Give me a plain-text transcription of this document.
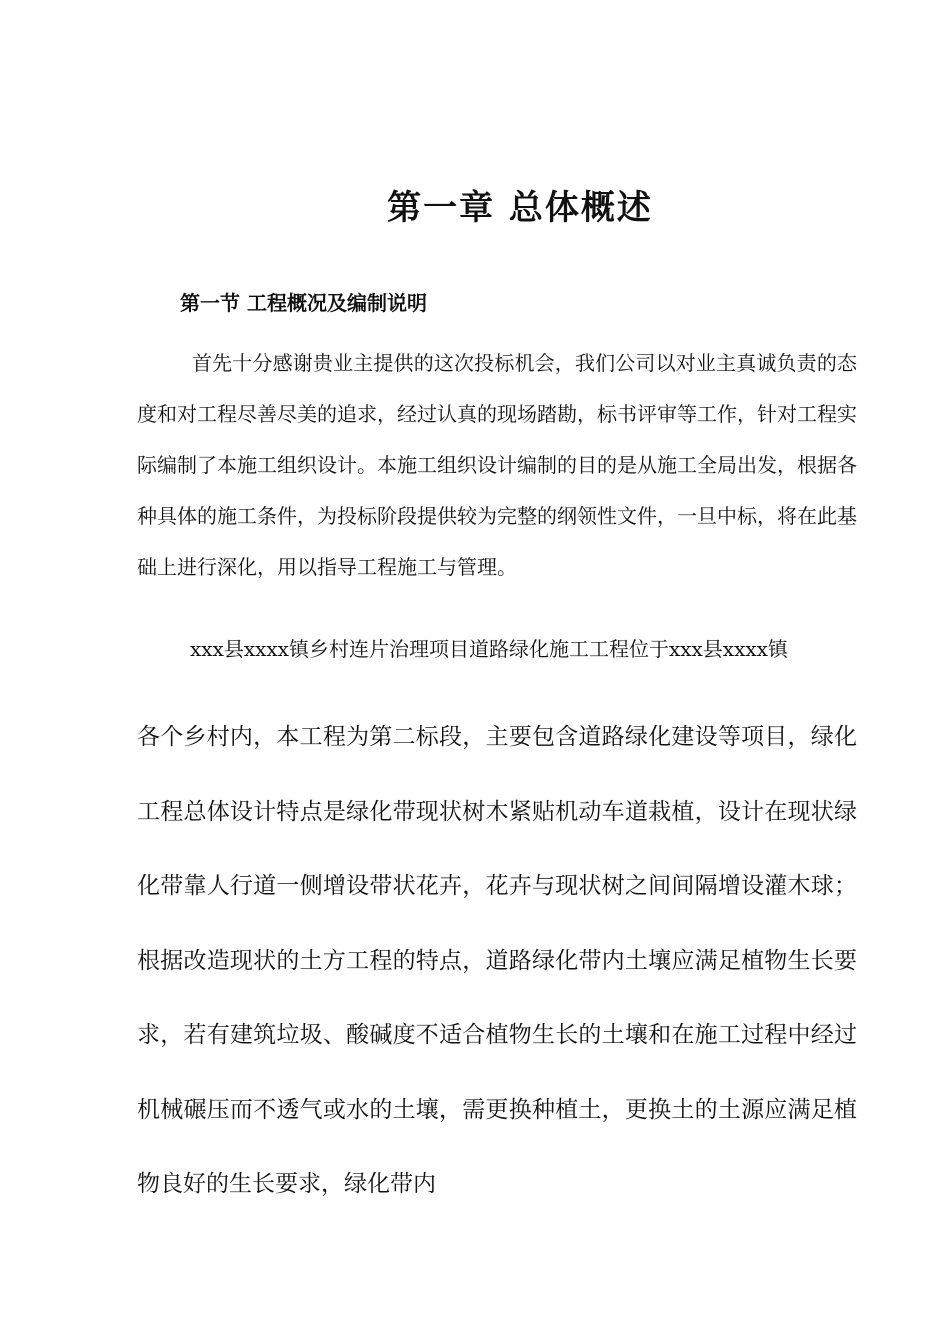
第一章 总体概述
第一节 工程概况及编制说明

首先十分感谢贵业主提供的这次投标机会，我们公司以对业主真诚负责的态度和对工程尽善尽美的追求，经过认真的现场踏勘，标书评审等工作，针对工程实际编制了本施工组织设计。本施工组织设计编制的目的是从施工全局出发，根据各种具体的施工条件，为投标阶段提供较为完整的纲领性文件，一旦中标，将在此基础上进行深化，用以指导工程施工与管理。

xxx县xxxx镇乡村连片治理项目道路绿化施工工程位于xxx县xxxx镇

各个乡村内，本工程为第二标段，主要包含道路绿化建设等项目，绿化工程总体设计特点是绿化带现状树木紧贴机动车道栽植，设计在现状绿化带靠人行道一侧增设带状花卉，花卉与现状树之间间隔增设灌木球；根据改造现状的土方工程的特点，道路绿化带内土壤应满足植物生长要求，若有建筑垃圾、酸碱度不适合植物生长的土壤和在施工过程中经过机械碾压而不透气或水的土壤，需更换种植土，更换土的土源应满足植物良好的生长要求，绿化带内
